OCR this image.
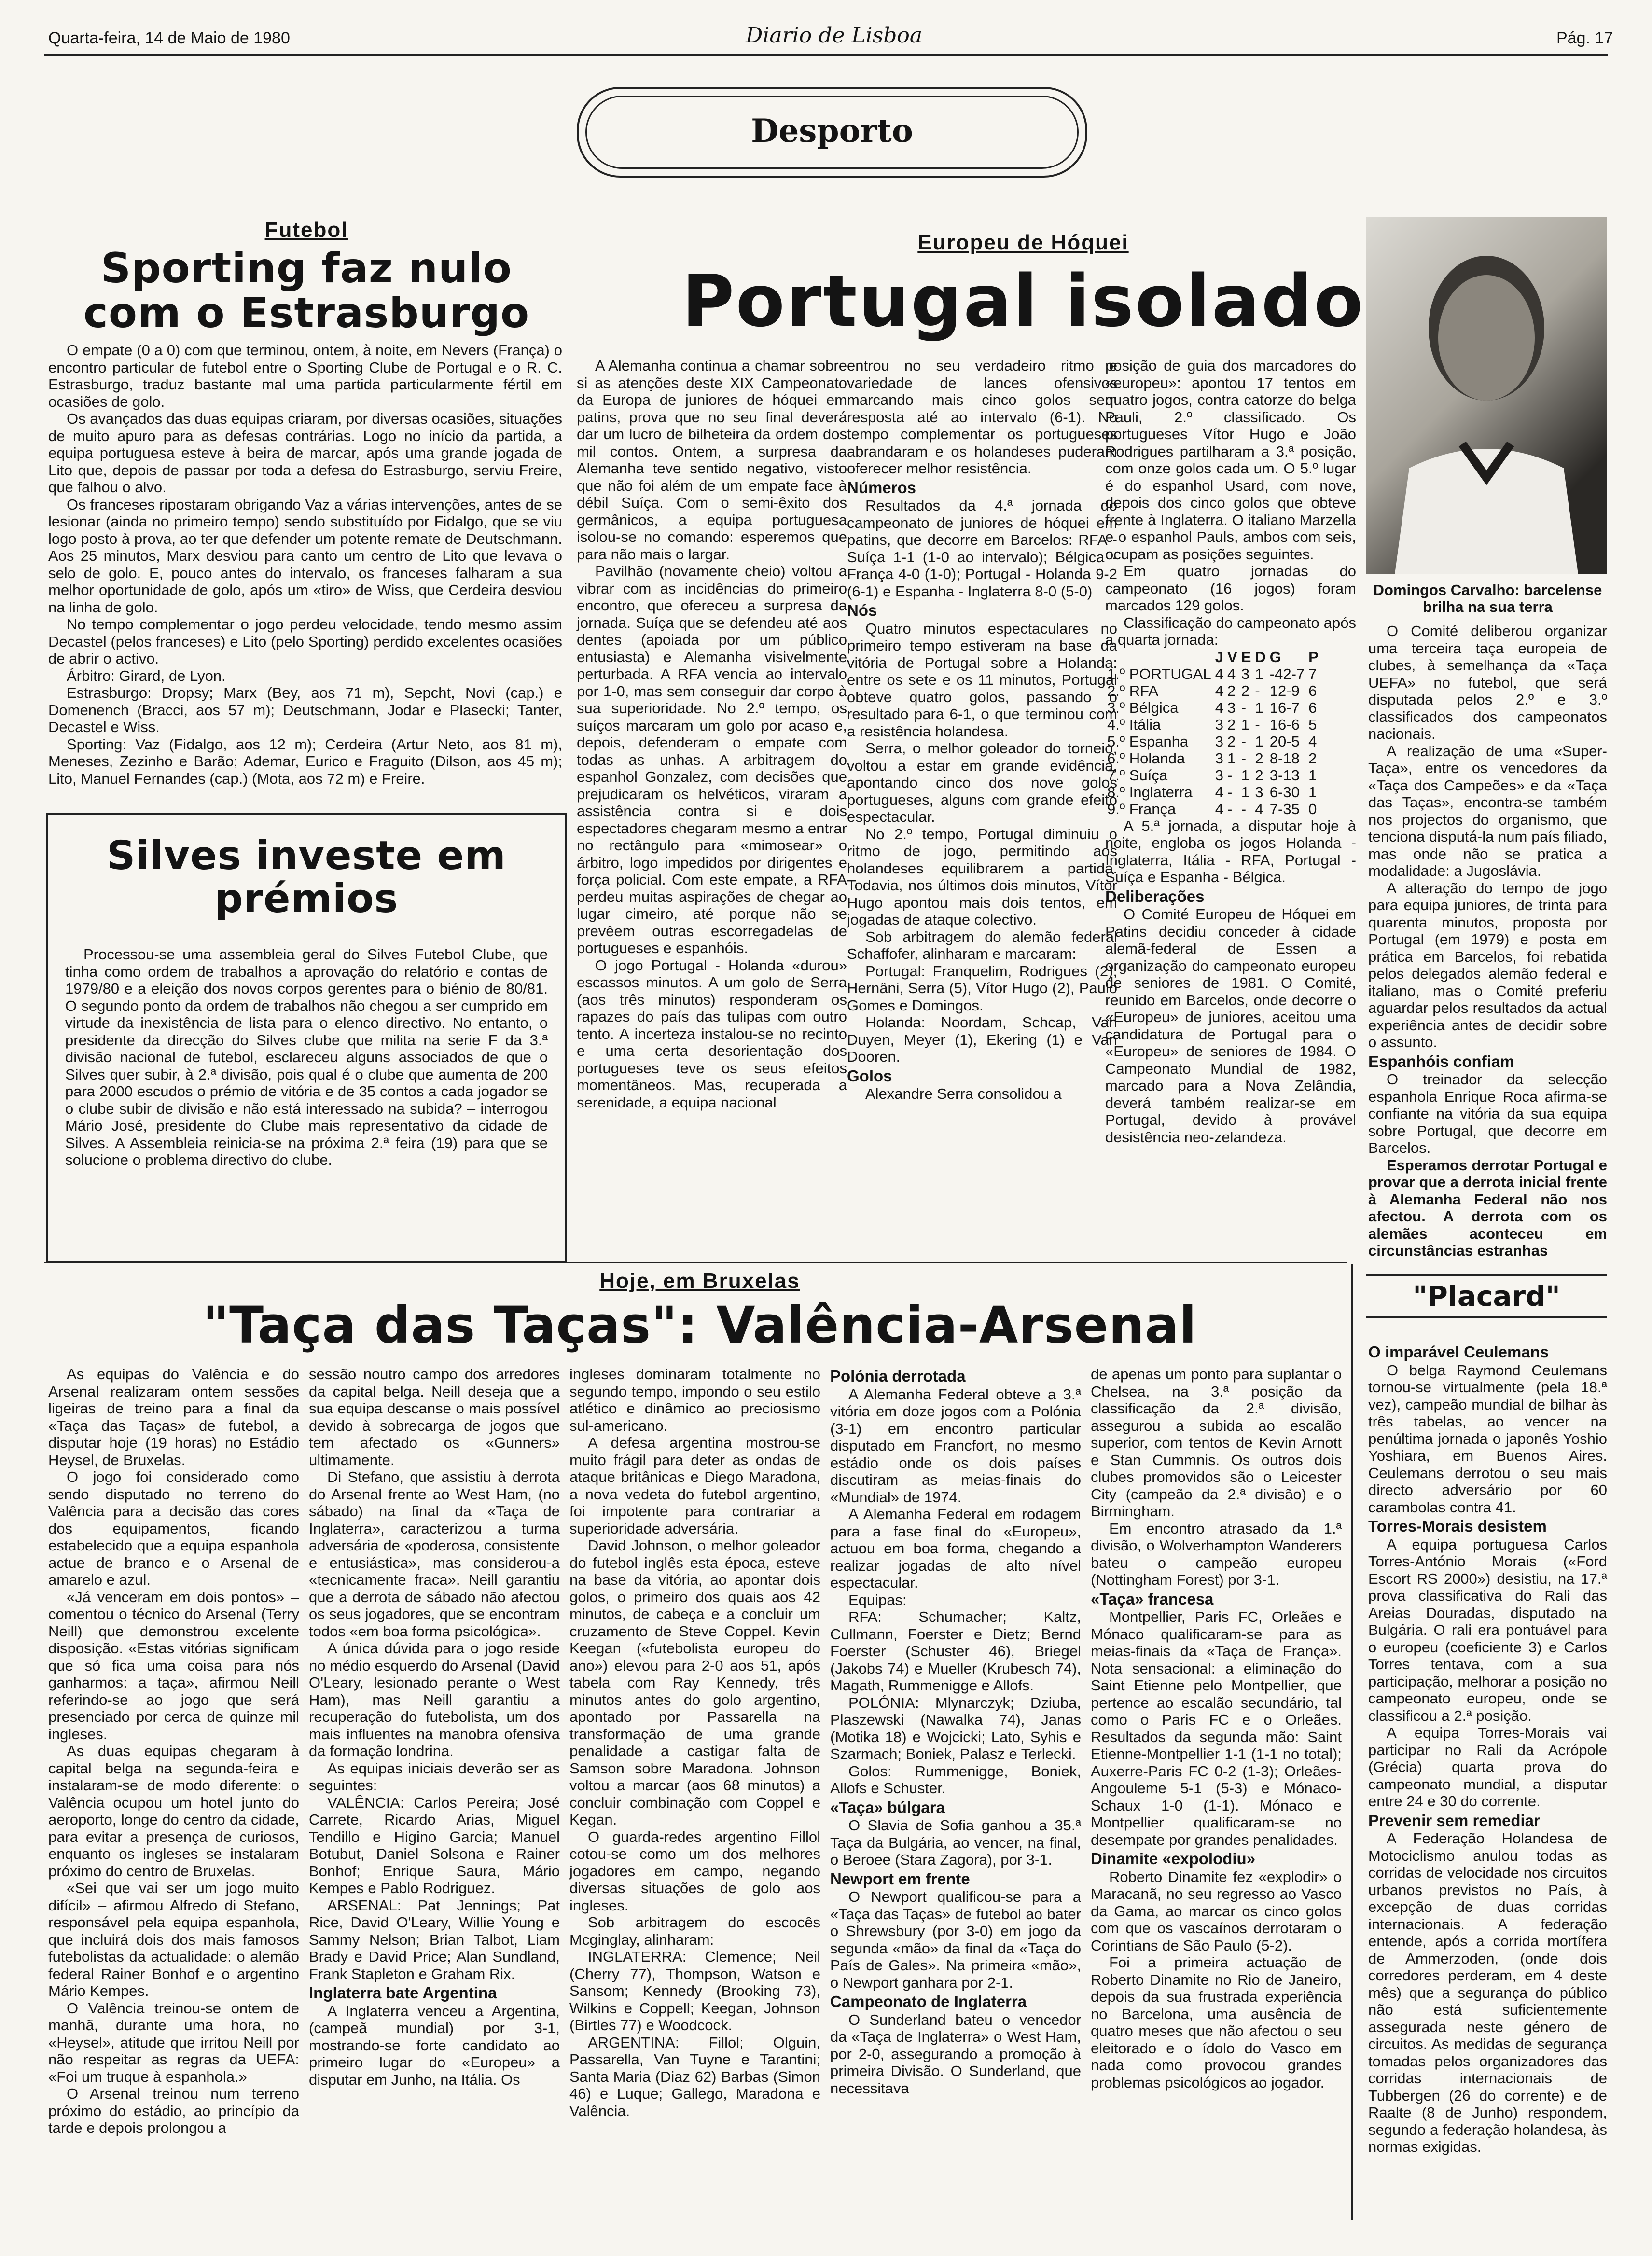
Quarta-feira, 14 de Maio de 1980	Diario de Lisboa	Pág. 17
Desporto
Futebol
Sporting faz nulo com o Estrasburgo

O empate (0 a 0) com que terminou, ontem, à noite, em Nevers (França) o encontro particular de futebol entre o Sporting Clube de Portugal e o R. C. Estrasburgo, traduz bastante mal uma partida particularmente fértil em ocasiões de golo.

Os avançados das duas equipas criaram, por diversas ocasiões, situações de muito apuro para as defesas contrárias. Logo no início da partida, a equipa portuguesa esteve à beira de marcar, após uma grande jogada de Lito que, depois de passar por toda a defesa do Estrasburgo, serviu Freire, que falhou o alvo.

Os franceses ripostaram obrigando Vaz a várias intervenções, antes de se lesionar (ainda no primeiro tempo) sendo substituído por Fidalgo, que se viu logo posto à prova, ao ter que defender um potente remate de Deutschmann. Aos 25 minutos, Marx desviou para canto um centro de Lito que levava o selo de golo. E, pouco antes do intervalo, os franceses falharam a sua melhor oportunidade de golo, após um «tiro» de Wiss, que Cerdeira desviou na linha de golo.

No tempo complementar o jogo perdeu velocidade, tendo mesmo assim Decastel (pelos franceses) e Lito (pelo Sporting) perdido excelentes ocasiões de abrir o activo.

Árbitro: Girard, de Lyon.

Estrasburgo: Dropsy; Marx (Bey, aos 71 m), Sepcht, Novi (cap.) e Domenench (Bracci, aos 57 m); Deutschmann, Jodar e Plasecki; Tanter, Decastel e Wiss.

Sporting: Vaz (Fidalgo, aos 12 m); Cerdeira (Artur Neto, aos 81 m), Meneses, Zezinho e Barão; Ademar, Eurico e Fraguito (Dilson, aos 45 m); Lito, Manuel Fernandes (cap.) (Mota, aos 72 m) e Freire.

Silves investe em prémios

Processou-se uma assembleia geral do Silves Futebol Clube, que tinha como ordem de trabalhos a aprovação do relatório e contas de 1979/80 e a eleição dos novos corpos gerentes para o biénio de 80/81. O segundo ponto da ordem de trabalhos não chegou a ser cumprido em virtude da inexistência de lista para o elenco directivo. No entanto, o presidente da direcção do Silves clube que milita na serie F da 3.ª divisão nacional de futebol, esclareceu alguns associados de que o Silves quer subir, à 2.ª divisão, pois qual é o clube que aumenta de 200 para 2000 escudos o prémio de vitória e de 35 contos a cada jogador se o clube subir de divisão e não está interessado na subida? – interrogou Mário José, presidente do Clube mais representativo da cidade de Silves. A Assembleia reinicia-se na próxima 2.ª feira (19) para que se solucione o problema directivo do clube.

Europeu de Hóquei
Portugal isolado

A Alemanha continua a chamar sobre si as atenções deste XIX Campeonato da Europa de juniores de hóquei em patins, prova que no seu final deverá dar um lucro de bilheteira da ordem dos mil contos. Ontem, a surpresa da Alemanha teve sentido negativo, visto que não foi além de um empate face à débil Suíça. Com o semi-êxito dos germânicos, a equipa portuguesa isolou-se no comando: esperemos que para não mais o largar.

Pavilhão (novamente cheio) voltou a vibrar com as incidências do primeiro encontro, que ofereceu a surpresa da jornada. Suíça que se defendeu até aos dentes (apoiada por um público entusiasta) e Alemanha visivelmente perturbada. A RFA vencia ao intervalo por 1-0, mas sem conseguir dar corpo à sua superioridade. No 2.º tempo, os suíços marcaram um golo por acaso e, depois, defenderam o empate com todas as unhas. A arbitragem do espanhol Gonzalez, com decisões que prejudicaram os helvéticos, viraram a assistência contra si e dois espectadores chegaram mesmo a entrar no rectângulo para «mimosear» o árbitro, logo impedidos por dirigentes e força policial. Com este empate, a RFA perdeu muitas aspirações de chegar ao lugar cimeiro, até porque não se prevêem outras escorregadelas de portugueses e espanhóis.

O jogo Portugal - Holanda «durou» escassos minutos. A um golo de Serra (aos três minutos) responderam os rapazes do país das tulipas com outro tento. A incerteza instalou-se no recinto e uma certa desorientação dos portugueses teve os seus efeitos momentâneos. Mas, recuperada a serenidade, a equipa nacional

entrou no seu verdadeiro ritmo e variedade de lances ofensivos marcando mais cinco golos sem resposta até ao intervalo (6-1). No tempo complementar os portugueses abrandaram e os holandeses puderam oferecer melhor resistência.

Números

Resultados da 4.ª jornada do campeonato de juniores de hóquei em patins, que decorre em Barcelos: RFA - Suíça 1-1 (1-0 ao intervalo); Bélgica - França 4-0 (1-0); Portugal - Holanda 9-2 (6-1) e Espanha - Inglaterra 8-0 (5-0)

Nós

Quatro minutos espectaculares no primeiro tempo estiveram na base da vitória de Portugal sobre a Holanda: entre os sete e os 11 minutos, Portugal obteve quatro golos, passando o resultado para 6-1, o que terminou com a resistência holandesa.

Serra, o melhor goleador do torneio, voltou a estar em grande evidência, apontando cinco dos nove golos portugueses, alguns com grande efeito espectacular.

No 2.º tempo, Portugal diminuiu o ritmo de jogo, permitindo aos holandeses equilibrarem a partida. Todavia, nos últimos dois minutos, Vítor Hugo apontou mais dois tentos, em jogadas de ataque colectivo.

Sob arbitragem do alemão federal Schaffofer, alinharam e marcaram:

Portugal: Franquelim, Rodrigues (2), Hernâni, Serra (5), Vítor Hugo (2), Paulo Gomes e Domingos.

Holanda: Noordam, Schcap, Van Duyen, Meyer (1), Ekering (1) e Van Dooren.

Golos

Alexandre Serra consolidou a

posição de guia dos marcadores do «europeu»: apontou 17 tentos em quatro jogos, contra catorze do belga Pauli, 2.º classificado. Os portugueses Vítor Hugo e João Rodrigues partilharam a 3.ª posição, com onze golos cada um. O 5.º lugar é do espanhol Usard, com nove, depois dos cinco golos que obteve frente à Inglaterra. O italiano Marzella e o espanhol Pauls, ambos com seis, ocupam as posições seguintes.

Em quatro jornadas do campeonato (16 jogos) foram marcados 129 golos.

Classificação do campeonato após a quarta jornada:

	J	V	E	D	G	P
1.º PORTUGAL	4	4	3	1	-42-7	7
2.º RFA	4	2	2	-	12-9	6
3.º Bélgica	4	3	-	1	16-7	6
4.º Itália	3	2	1	-	16-6	5
5.º Espanha	3	2	-	1	20-5	4
6.º Holanda	3	1	-	2	8-18	2
7.º Suíça	3	-	1	2	3-13	1
8.º Inglaterra	4	-	1	3	6-30	1
9.º França	4	-	-	4	7-35	0

A 5.ª jornada, a disputar hoje à noite, engloba os jogos Holanda - Inglaterra, Itália - RFA, Portugal - Suíça e Espanha - Bélgica.

Deliberações

O Comité Europeu de Hóquei em Patins decidiu conceder à cidade alemã-federal de Essen a organização do campeonato europeu de seniores de 1981. O Comité, reunido em Barcelos, onde decorre o «Europeu» de juniores, aceitou uma candidatura de Portugal para o «Europeu» de seniores de 1984. O Campeonato Mundial de 1982, marcado para a Nova Zelândia, deverá também realizar-se em Portugal, devido à provável desistência neo-zelandeza.

Domingos Carvalho: barcelense brilha na sua terra

O Comité deliberou organizar uma terceira taça europeia de clubes, à semelhança da «Taça UEFA» no futebol, que será disputada pelos 2.º e 3.º classificados dos campeonatos nacionais.

A realização de uma «Super-Taça», entre os vencedores da «Taça dos Campeões» e da «Taça das Taças», encontra-se também nos projectos do organismo, que tenciona disputá-la num país filiado, mas onde não se pratica a modalidade: a Jugoslávia.

A alteração do tempo de jogo para equipa juniores, de trinta para quarenta minutos, proposta por Portugal (em 1979) e posta em prática em Barcelos, foi rebatida pelos delegados alemão federal e italiano, mas o Comité preferiu aguardar pelos resultados da actual experiência antes de decidir sobre o assunto.

Espanhóis confiam

O treinador da selecção espanhola Enrique Roca afirma-se confiante na vitória da sua equipa sobre Portugal, que decorre em Barcelos.

Esperamos derrotar Portugal e provar que a derrota inicial frente à Alemanha Federal não nos afectou. A derrota com os alemães aconteceu em circunstâncias estranhas

Hoje, em Bruxelas
"Taça das Taças": Valência-Arsenal

As equipas do Valência e do Arsenal realizaram ontem sessões ligeiras de treino para a final da «Taça das Taças» de futebol, a disputar hoje (19 horas) no Estádio Heysel, de Bruxelas.

O jogo foi considerado como sendo disputado no terreno do Valência para a decisão das cores dos equipamentos, ficando estabelecido que a equipa espanhola actue de branco e o Arsenal de amarelo e azul.

«Já venceram em dois pontos» – comentou o técnico do Arsenal (Terry Neill) que demonstrou excelente disposição. «Estas vitórias significam que só fica uma coisa para nós ganharmos: a taça», afirmou Neill referindo-se ao jogo que será presenciado por cerca de quinze mil ingleses.

As duas equipas chegaram à capital belga na segunda-feira e instalaram-se de modo diferente: o Valência ocupou um hotel junto do aeroporto, longe do centro da cidade, para evitar a presença de curiosos, enquanto os ingleses se instalaram próximo do centro de Bruxelas.

«Sei que vai ser um jogo muito difícil» – afirmou Alfredo di Stefano, responsável pela equipa espanhola, que incluirá dois dos mais famosos futebolistas da actualidade: o alemão federal Rainer Bonhof e o argentino Mário Kempes.

O Valência treinou-se ontem de manhã, durante uma hora, no «Heysel», atitude que irritou Neill por não respeitar as regras da UEFA: «Foi um truque à espanhola.»

O Arsenal treinou num terreno próximo do estádio, ao princípio da tarde e depois prolongou a

sessão noutro campo dos arredores da capital belga. Neill deseja que a sua equipa descanse o mais possível devido à sobrecarga de jogos que tem afectado os «Gunners» ultimamente.

Di Stefano, que assistiu à derrota do Arsenal frente ao West Ham, (no sábado) na final da «Taça de Inglaterra», caracterizou a turma adversária de «poderosa, consistente e entusiástica», mas considerou-a «tecnicamente fraca». Neill garantiu que a derrota de sábado não afectou os seus jogadores, que se encontram todos «em boa forma psicológica».

A única dúvida para o jogo reside no médio esquerdo do Arsenal (David O'Leary, lesionado perante o West Ham), mas Neill garantiu a recuperação do futebolista, um dos mais influentes na manobra ofensiva da formação londrina.

As equipas iniciais deverão ser as seguintes:

VALÊNCIA: Carlos Pereira; José Carrete, Ricardo Arias, Miguel Tendillo e Higino Garcia; Manuel Botubut, Daniel Solsona e Rainer Bonhof; Enrique Saura, Mário Kempes e Pablo Rodriguez.

ARSENAL: Pat Jennings; Pat Rice, David O'Leary, Willie Young e Sammy Nelson; Brian Talbot, Liam Brady e David Price; Alan Sundland, Frank Stapleton e Graham Rix.

Inglaterra bate Argentina

A Inglaterra venceu a Argentina, (campeã mundial) por 3-1, mostrando-se forte candidato ao primeiro lugar do «Europeu» a disputar em Junho, na Itália. Os

ingleses dominaram totalmente no segundo tempo, impondo o seu estilo atlético e dinâmico ao preciosismo sul-americano.

A defesa argentina mostrou-se muito frágil para deter as ondas de ataque britânicas e Diego Maradona, a nova vedeta do futebol argentino, foi impotente para contrariar a superioridade adversária.

David Johnson, o melhor goleador do futebol inglês esta época, esteve na base da vitória, ao apontar dois golos, o primeiro dos quais aos 42 minutos, de cabeça e a concluir um cruzamento de Steve Coppel. Kevin Keegan («futebolista europeu do ano») elevou para 2-0 aos 51, após tabela com Ray Kennedy, três minutos antes do golo argentino, apontado por Passarella na transformação de uma grande penalidade a castigar falta de Samson sobre Maradona. Johnson voltou a marcar (aos 68 minutos) a concluir combinação com Coppel e Kegan.

O guarda-redes argentino Fillol cotou-se como um dos melhores jogadores em campo, negando diversas situações de golo aos ingleses.

Sob arbitragem do escocês Mcginglay, alinharam:

INGLATERRA: Clemence; Neil (Cherry 77), Thompson, Watson e Sansom; Kennedy (Brooking 73), Wilkins e Coppell; Keegan, Johnson (Birtles 77) e Woodcock.

ARGENTINA: Fillol; Olguin, Passarella, Van Tuyne e Tarantini; Santa Maria (Diaz 62) Barbas (Simon 46) e Luque; Gallego, Maradona e Valência.

Polónia derrotada

A Alemanha Federal obteve a 3.ª vitória em doze jogos com a Polónia (3-1) em encontro particular disputado em Francfort, no mesmo estádio onde os dois países discutiram as meias-finais do «Mundial» de 1974.

A Alemanha Federal em rodagem para a fase final do «Europeu», actuou em boa forma, chegando a realizar jogadas de alto nível espectacular.

Equipas:

RFA: Schumacher; Kaltz, Cullmann, Foerster e Dietz; Bernd Foerster (Schuster 46), Briegel (Jakobs 74) e Mueller (Krubesch 74), Magath, Rummenigge e Allofs.

POLÓNIA: Mlynarczyk; Dziuba, Plaszewski (Nawalka 74), Janas (Motika 18) e Wojcicki; Lato, Syhis e Szarmach; Boniek, Palasz e Terlecki.

Golos: Rummenigge, Boniek, Allofs e Schuster.

«Taça» búlgara

O Slavia de Sofia ganhou a 35.ª Taça da Bulgária, ao vencer, na final, o Beroee (Stara Zagora), por 3-1.

Newport em frente

O Newport qualificou-se para a «Taça das Taças» de futebol ao bater o Shrewsbury (por 3-0) em jogo da segunda «mão» da final da «Taça do País de Gales». Na primeira «mão», o Newport ganhara por 2-1.

Campeonato de Inglaterra

O Sunderland bateu o vencedor da «Taça de Inglaterra» o West Ham, por 2-0, assegurando a promoção à primeira Divisão. O Sunderland, que necessitava

de apenas um ponto para suplantar o Chelsea, na 3.ª posição da classificação da 2.ª divisão, assegurou a subida ao escalão superior, com tentos de Kevin Arnott e Stan Cummnis. Os outros dois clubes promovidos são o Leicester City (campeão da 2.ª divisão) e o Birmingham.

Em encontro atrasado da 1.ª divisão, o Wolverhampton Wanderers bateu o campeão europeu (Nottingham Forest) por 3-1.

«Taça» francesa

Montpellier, Paris FC, Orleães e Mónaco qualificaram-se para as meias-finais da «Taça de França». Nota sensacional: a eliminação do Saint Etienne pelo Montpellier, que pertence ao escalão secundário, tal como o Paris FC e o Orleães. Resultados da segunda mão: Saint Etienne-Montpellier 1-1 (1-1 no total); Auxerre-Paris FC 0-2 (1-3); Orleães-Angouleme 5-1 (5-3) e Mónaco-Schaux 1-0 (1-1). Mónaco e Montpellier qualificaram-se no desempate por grandes penalidades.

Dinamite «expolodiu»

Roberto Dinamite fez «explodir» o Maracanã, no seu regresso ao Vasco da Gama, ao marcar os cinco golos com que os vascaínos derrotaram o Corintians de São Paulo (5-2).

Foi a primeira actuação de Roberto Dinamite no Rio de Janeiro, depois da sua frustrada experiência no Barcelona, uma ausência de quatro meses que não afectou o seu eleitorado e o ídolo do Vasco em nada como provocou grandes problemas psicológicos ao jogador.

"Placard"
O imparável Ceulemans

O belga Raymond Ceulemans tornou-se virtualmente (pela 18.ª vez), campeão mundial de bilhar às três tabelas, ao vencer na penúltima jornada o japonês Yoshio Yoshiara, em Buenos Aires. Ceulemans derrotou o seu mais directo adversário por 60 carambolas contra 41.

Torres-Morais desistem

A equipa portuguesa Carlos Torres-António Morais («Ford Escort RS 2000») desistiu, na 17.ª prova classificativa do Rali das Areias Douradas, disputado na Bulgária. O rali era pontuável para o europeu (coeficiente 3) e Carlos Torres tentava, com a sua participação, melhorar a posição no campeonato europeu, onde se classificou a 2.ª posição.

A equipa Torres-Morais vai participar no Rali da Acrópole (Grécia) quarta prova do campeonato mundial, a disputar entre 24 e 30 do corrente.

Prevenir sem remediar

A Federação Holandesa de Motociclismo anulou todas as corridas de velocidade nos circuitos urbanos previstos no País, à excepção de duas corridas internacionais. A federação entende, após a corrida mortífera de Ammerzoden, (onde dois corredores perderam, em 4 deste mês) que a segurança do público não está suficientemente assegurada neste género de circuitos. As medidas de segurança tomadas pelos organizadores das corridas internacionais de Tubbergen (26 do corrente) e de Raalte (8 de Junho) respondem, segundo a federação holandesa, às normas exigidas.
